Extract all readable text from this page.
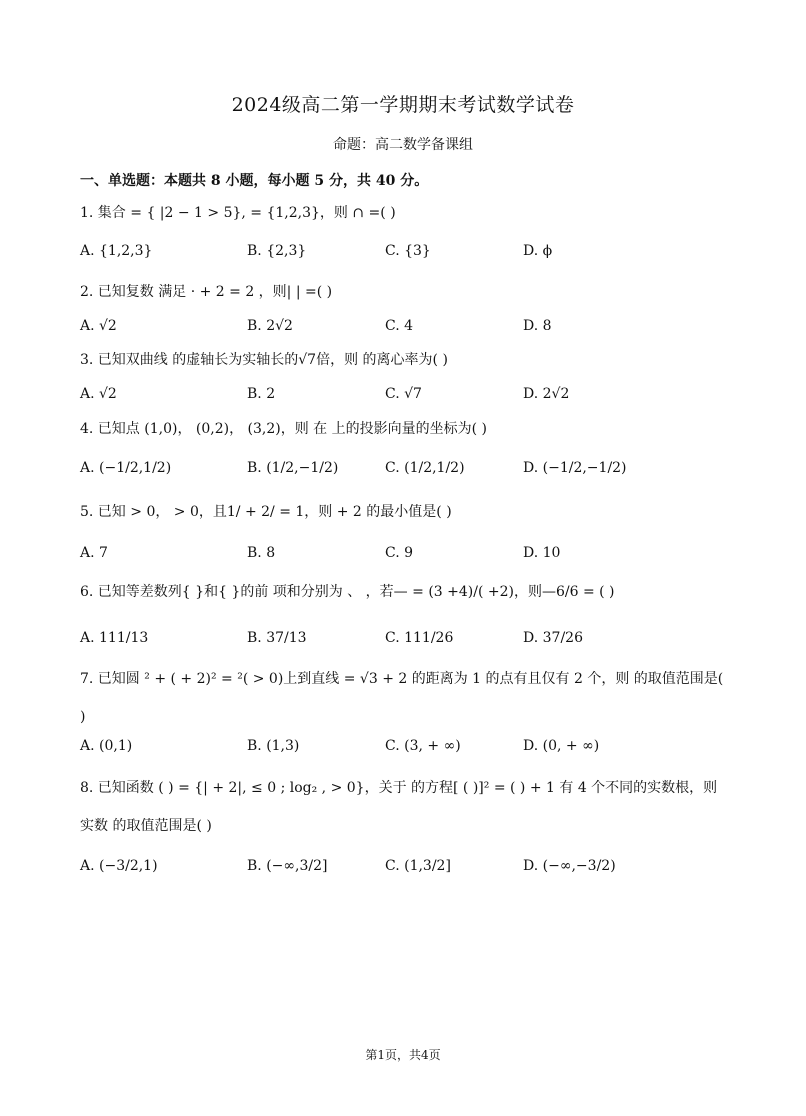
2024级高二第一学期期末考试数学试卷
命题：高二数学备课组
一、单选题：本题共 8 小题，每小题 5 分，共 40 分。
1. 集合 = { |2 − 1 > 5}, = {1,2,3}，则 ∩ =( )
A. {1,2,3}	B. {2,3}	C. {3}	D. ϕ
2. 已知复数 满足 · + 2 = 2 ，则| | =( )
A. √2	B. 2√2	C. 4	D. 8
3. 已知双曲线 的虚轴长为实轴长的√7倍，则 的离心率为( )
A. √2	B. 2	C. √7	D. 2√2
4. 已知点 (1,0)， (0,2)， (3,2)，则 在 上的投影向量的坐标为( )
A. (−1/2,1/2)	B. (1/2,−1/2)	C. (1/2,1/2)	D. (−1/2,−1/2)
5. 已知 > 0， > 0，且1/ + 2/ = 1，则 + 2 的最小值是( )
A. 7	B. 8	C. 9	D. 10
6. 已知等差数列{ }和{ }的前 项和分别为 、 ，若— = (3 +4)/( +2)，则—6/6 = ( )
A. 111/13	B. 37/13	C. 111/26	D. 37/26
7. 已知圆 ² + ( + 2)² = ²( > 0)上到直线 = √3 + 2 的距离为 1 的点有且仅有 2 个，则 的取值范围是( )
A. (0,1)	B. (1,3)	C. (3, + ∞)	D. (0, + ∞)
8. 已知函数 ( ) = {| + 2|, ≤ 0 ; log₂ , > 0}，关于 的方程[ ( )]² = ( ) + 1 有 4 个不同的实数根，则实数 的取值范围是( )
A. (−3/2,1)	B. (−∞,3/2]	C. (1,3/2]	D. (−∞,−3/2)
第1页，共4页
